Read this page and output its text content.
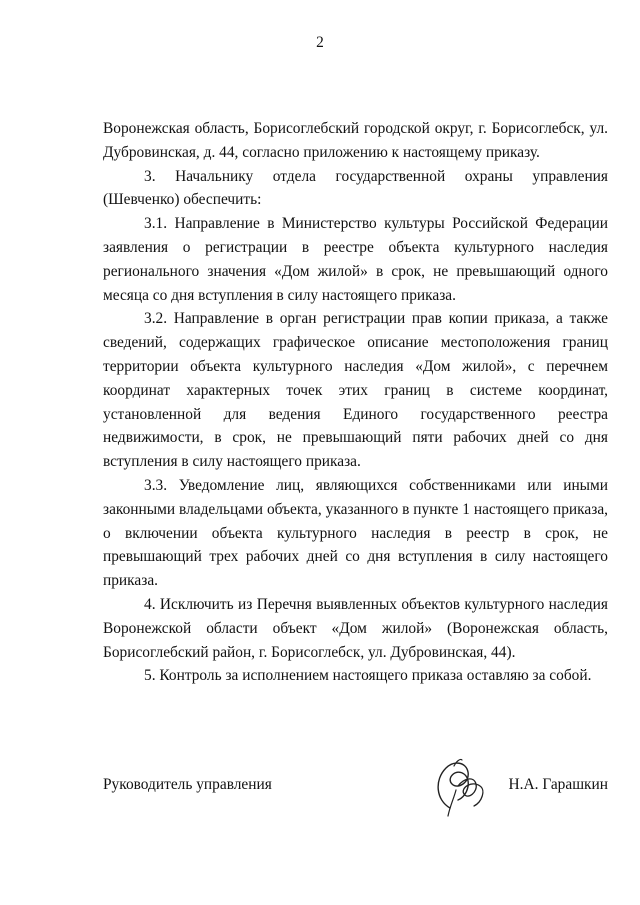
2

Воронежская область, Борисоглебский городской округ, г. Борисоглебск, ул. Дубровинская, д. 44, согласно приложению к настоящему приказу.

3. Начальнику отдела государственной охраны управления (Шевченко) обеспечить:

3.1. Направление в Министерство культуры Российской Федерации заявления о регистрации в реестре объекта культурного наследия регионального значения «Дом жилой» в срок, не превышающий одного месяца со дня вступления в силу настоящего приказа.

3.2. Направление в орган регистрации прав копии приказа, а также сведений, содержащих графическое описание местоположения границ территории объекта культурного наследия «Дом жилой», с перечнем координат характерных точек этих границ в системе координат, установленной для ведения Единого государственного реестра недвижимости, в срок, не превышающий пяти рабочих дней со дня вступления в силу настоящего приказа.

3.3. Уведомление лиц, являющихся собственниками или иными законными владельцами объекта, указанного в пункте 1 настоящего приказа, о включении объекта культурного наследия в реестр в срок, не превышающий трех рабочих дней со дня вступления в силу настоящего приказа.

4. Исключить из Перечня выявленных объектов культурного наследия Воронежской области объект «Дом жилой» (Воронежская область, Борисоглебский район, г. Борисоглебск, ул. Дубровинская, 44).

5. Контроль за исполнением настоящего приказа оставляю за собой.

Руководитель управления	Н.А. Гарашкин
